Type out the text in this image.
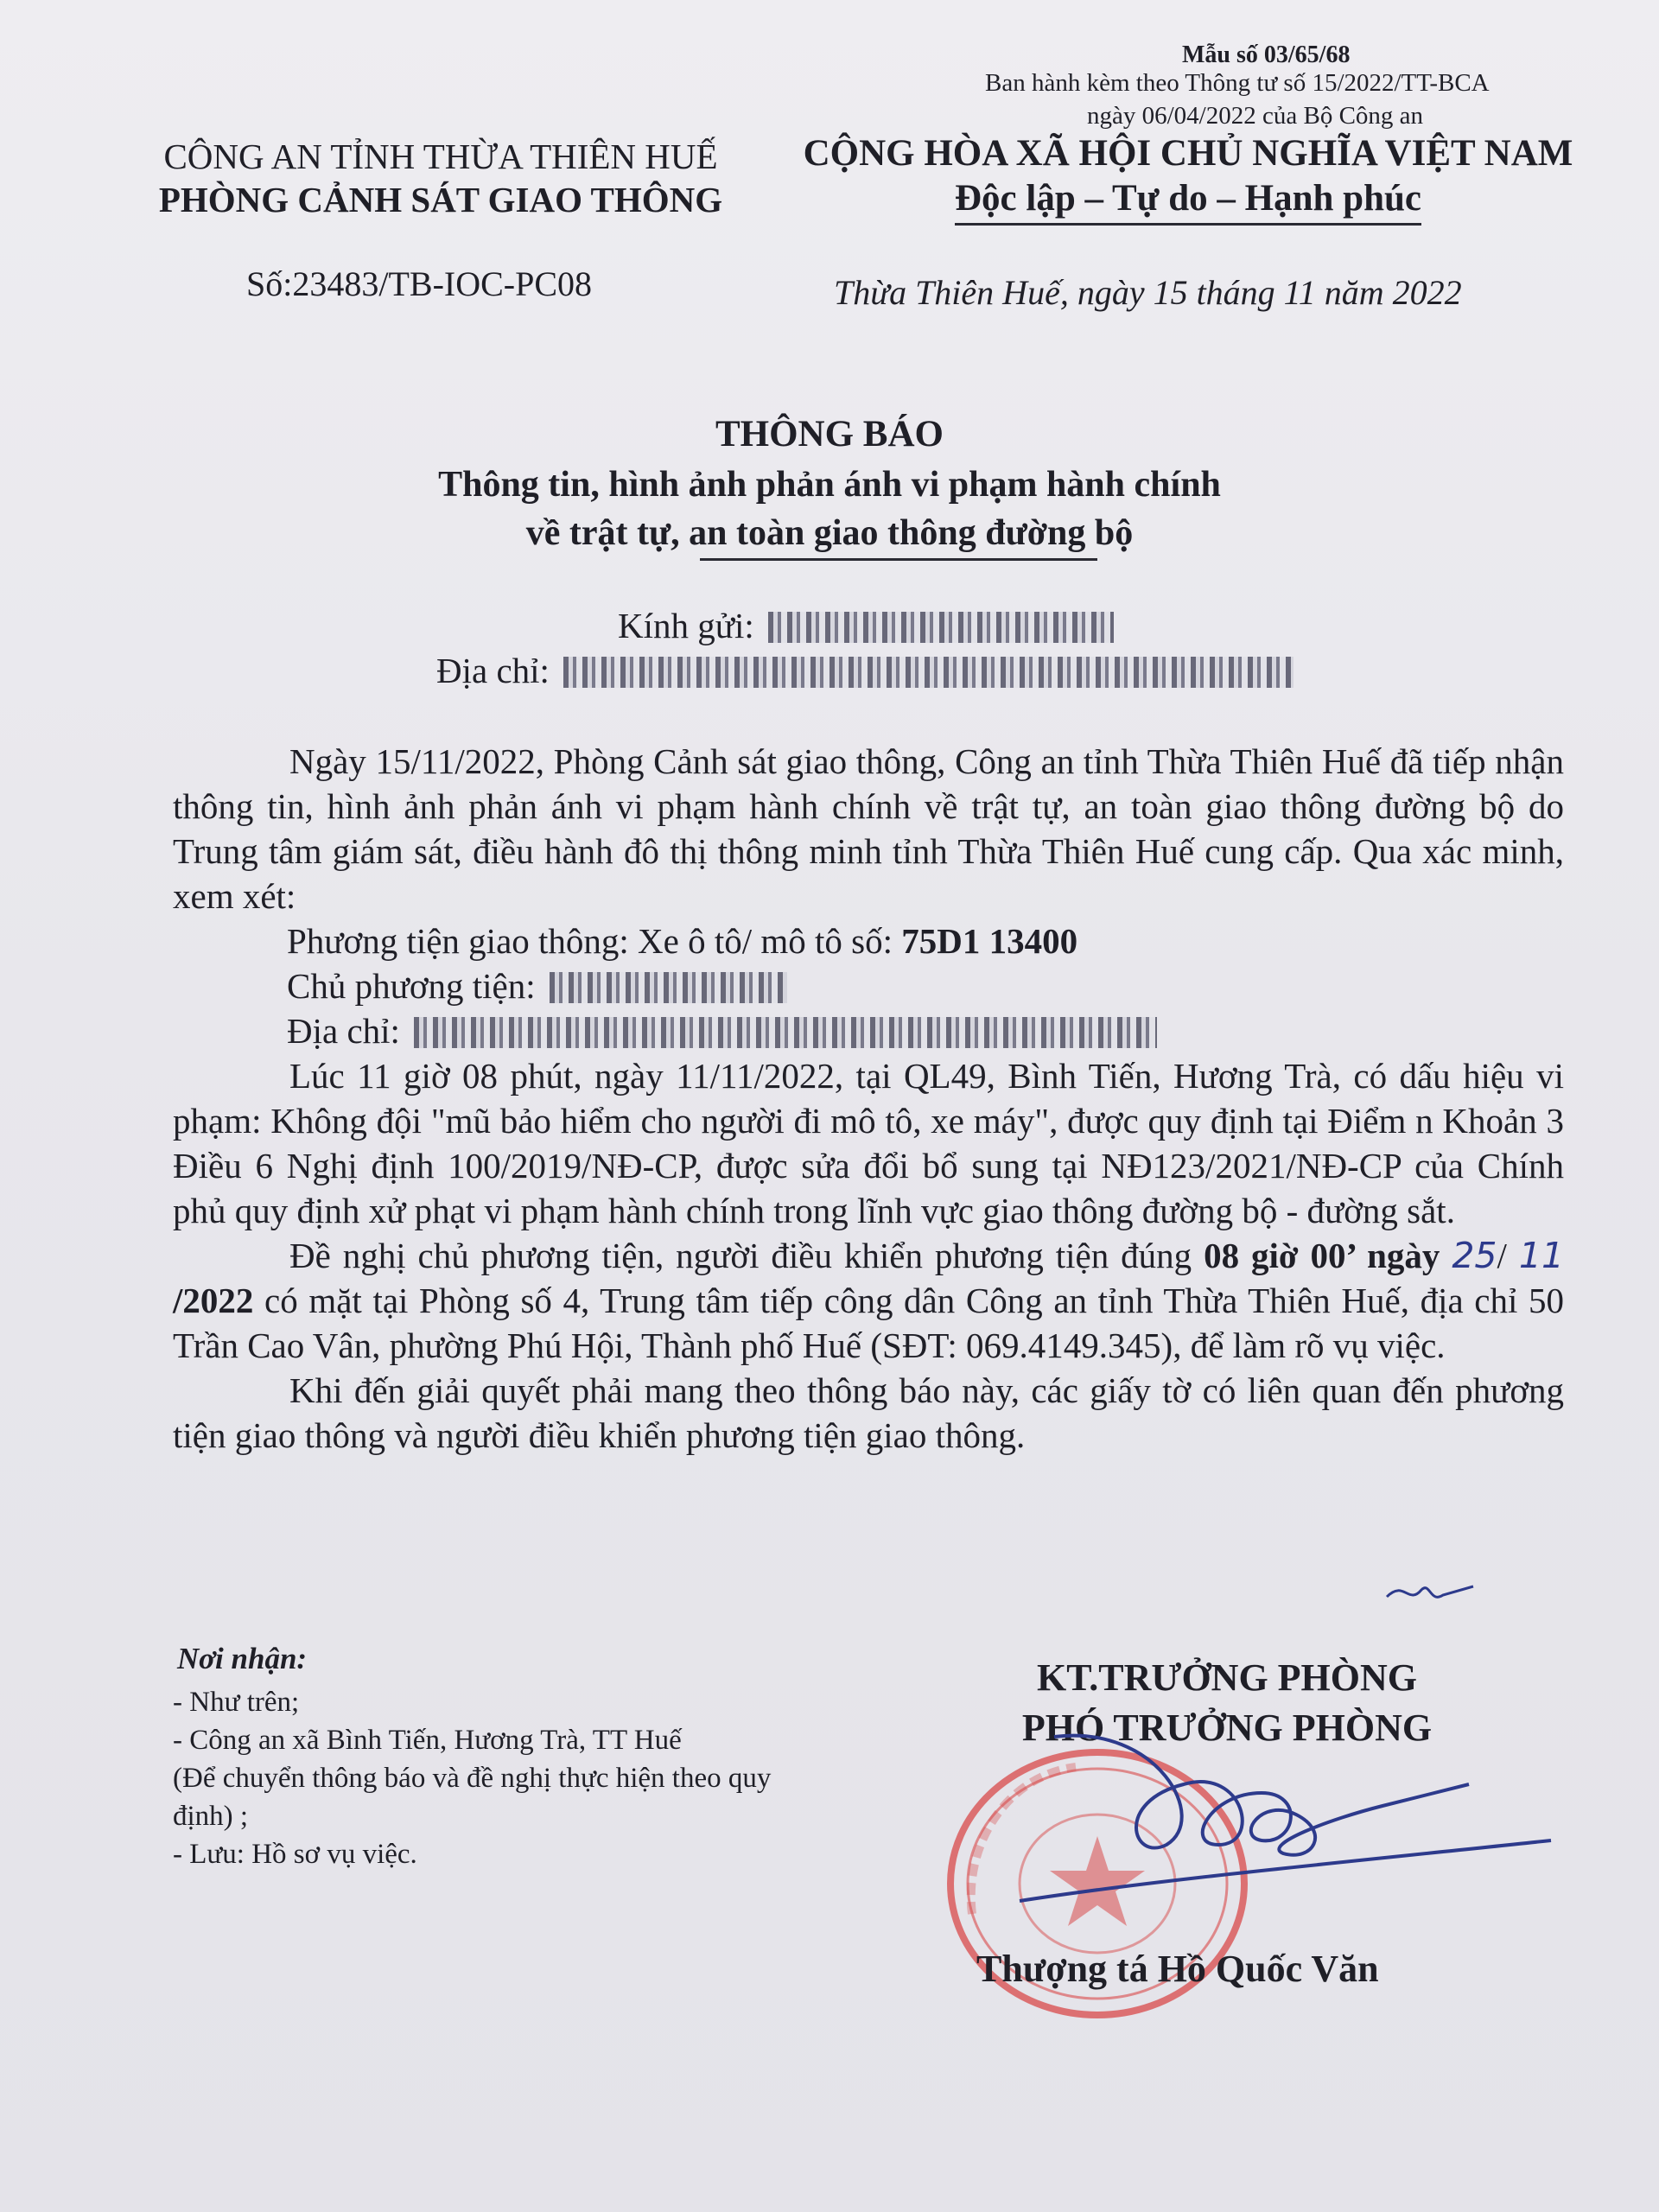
Mẫu số 03/65/68
Ban hành kèm theo Thông tư số 15/2022/TT-BCA
ngày 06/04/2022 của Bộ Công an
CÔNG AN TỈNH THỪA THIÊN HUẾ
PHÒNG CẢNH SÁT GIAO THÔNG
CỘNG HÒA XÃ HỘI CHỦ NGHĨA VIỆT NAM
Độc lập – Tự do – Hạnh phúc
Số:23483/TB-IOC-PC08	Thừa Thiên Huế, ngày 15 tháng 11 năm 2022
THÔNG BÁO
Thông tin, hình ảnh phản ánh vi phạm hành chính
về trật tự, an toàn giao thông đường bộ
Kính gửi:
Địa chỉ:

Ngày 15/11/2022, Phòng Cảnh sát giao thông, Công an tỉnh Thừa Thiên Huế đã tiếp nhận thông tin, hình ảnh phản ánh vi phạm hành chính về trật tự, an toàn giao thông đường bộ do Trung tâm giám sát, điều hành đô thị thông minh tỉnh Thừa Thiên Huế cung cấp. Qua xác minh, xem xét:

Phương tiện giao thông: Xe ô tô/ mô tô số: 75D1 13400

Chủ phương tiện:

Địa chỉ:

Lúc 11 giờ 08 phút, ngày 11/11/2022, tại QL49, Bình Tiến, Hương Trà, có dấu hiệu vi phạm: Không đội "mũ bảo hiểm cho người đi mô tô, xe máy", được quy định tại Điểm n Khoản 3 Điều 6 Nghị định 100/2019/NĐ-CP, được sửa đổi bổ sung tại NĐ123/2021/NĐ-CP của Chính phủ quy định xử phạt vi phạm hành chính trong lĩnh vực giao thông đường bộ - đường sắt.

Đề nghị chủ phương tiện, người điều khiển phương tiện đúng 08 giờ 00’ ngày 25/ 11 /2022 có mặt tại Phòng số 4, Trung tâm tiếp công dân Công an tỉnh Thừa Thiên Huế, địa chỉ 50 Trần Cao Vân, phường Phú Hội, Thành phố Huế (SĐT: 069.4149.345), để làm rõ vụ việc.

Khi đến giải quyết phải mang theo thông báo này, các giấy tờ có liên quan đến phương tiện giao thông và người điều khiển phương tiện giao thông.

Nơi nhận:
- Như trên;
- Công an xã Bình Tiến, Hương Trà, TT Huế
(Để chuyển thông báo và đề nghị thực hiện theo quy định) ;
- Lưu: Hồ sơ vụ việc.
KT.TRƯỞNG PHÒNG
PHÓ TRƯỞNG PHÒNG
Thượng tá Hồ Quốc Văn
